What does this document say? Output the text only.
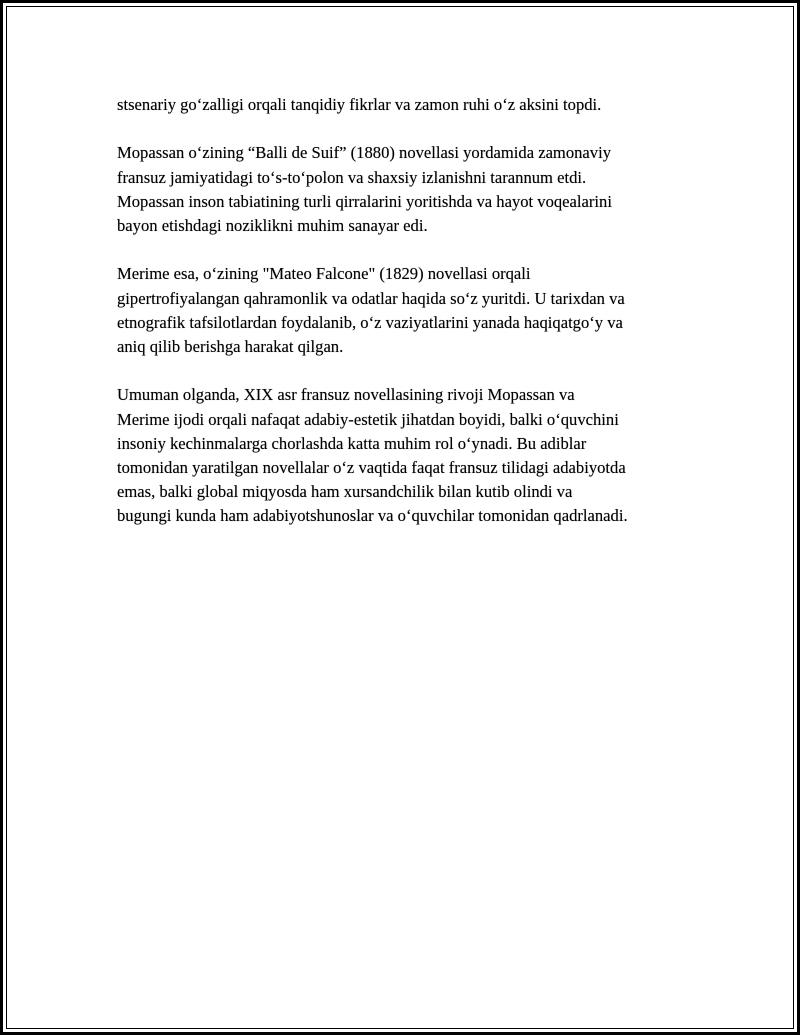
stsenariy go‘zalligi orqali tanqidiy fikrlar va zamon ruhi o‘z aksini topdi.
Mopassan o‘zining “Balli de Suif” (1880) novellasi yordamida zamonaviy
fransuz jamiyatidagi to‘s-to‘polon va shaxsiy izlanishni tarannum etdi.
Mopassan inson tabiatining turli qirralarini yoritishda va hayot voqealarini
bayon etishdagi noziklikni muhim sanayar edi.
Merime esa, o‘zining "Mateo Falcone" (1829) novellasi orqali
gipertrofiyalangan qahramonlik va odatlar haqida so‘z yuritdi. U tarixdan va
etnografik tafsilotlardan foydalanib, o‘z vaziyatlarini yanada haqiqatgo‘y va
aniq qilib berishga harakat qilgan.
Umuman olganda, XIX asr fransuz novellasining rivoji Mopassan va
Merime ijodi orqali nafaqat adabiy-estetik jihatdan boyidi, balki o‘quvchini
insoniy kechinmalarga chorlashda katta muhim rol o‘ynadi. Bu adiblar
tomonidan yaratilgan novellalar o‘z vaqtida faqat fransuz tilidagi adabiyotda
emas, balki global miqyosda ham xursandchilik bilan kutib olindi va
bugungi kunda ham adabiyotshunoslar va o‘quvchilar tomonidan qadrlanadi.
